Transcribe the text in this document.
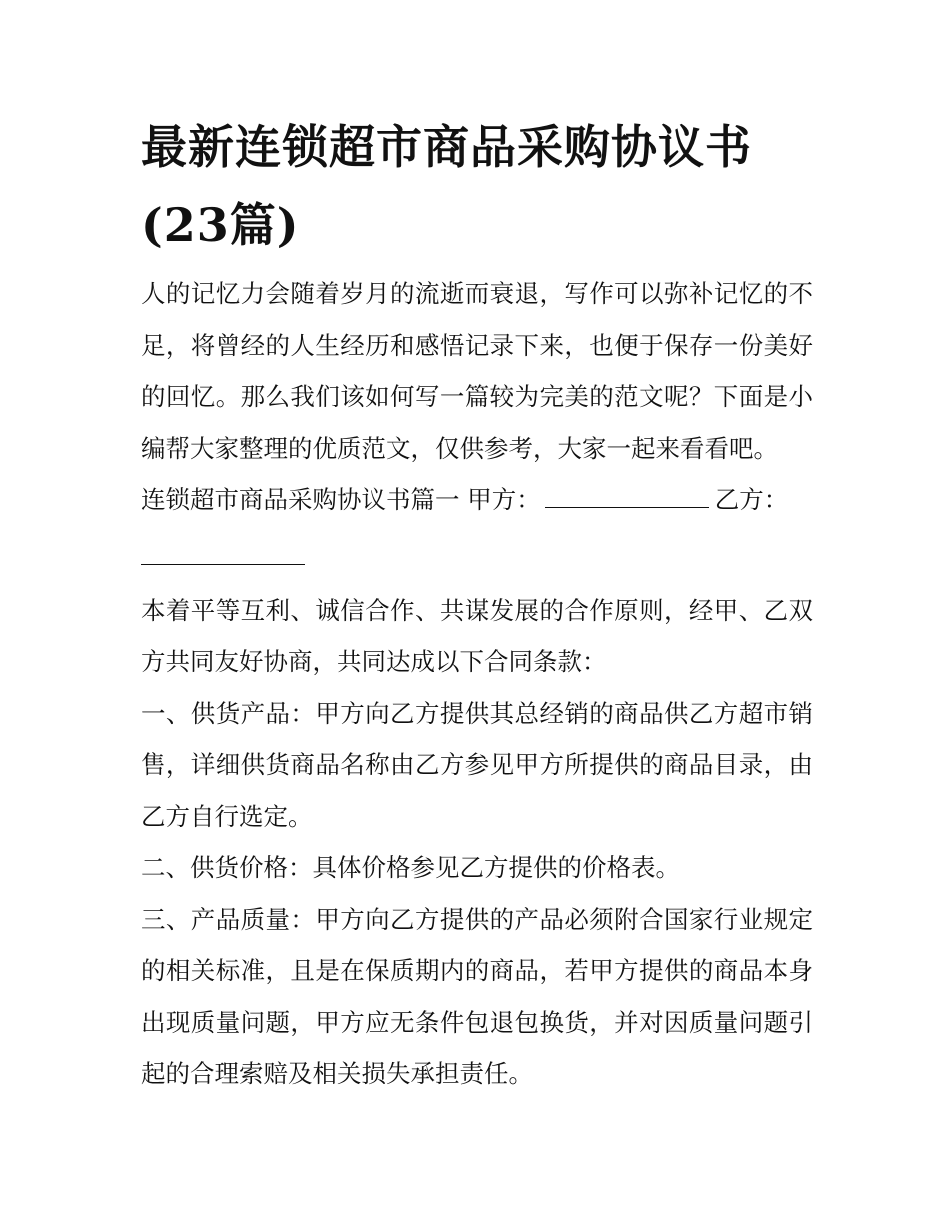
最新连锁超市商品采购协议书(23篇)

人的记忆力会随着岁月的流逝而衰退，写作可以弥补记忆的不足，将曾经的人生经历和感悟记录下来，也便于保存一份美好的回忆。那么我们该如何写一篇较为完美的范文呢？下面是小编帮大家整理的优质范文，仅供参考，大家一起来看看吧。

连锁超市商品采购协议书篇一 甲方：	乙方：

本着平等互利、诚信合作、共谋发展的合作原则，经甲、乙双方共同友好协商，共同达成以下合同条款：

一、供货产品：甲方向乙方提供其总经销的商品供乙方超市销售，详细供货商品名称由乙方参见甲方所提供的商品目录，由乙方自行选定。

二、供货价格：具体价格参见乙方提供的价格表。

三、产品质量：甲方向乙方提供的产品必须附合国家行业规定的相关标准，且是在保质期内的商品，若甲方提供的商品本身出现质量问题，甲方应无条件包退包换货，并对因质量问题引起的合理索赔及相关损失承担责任。
